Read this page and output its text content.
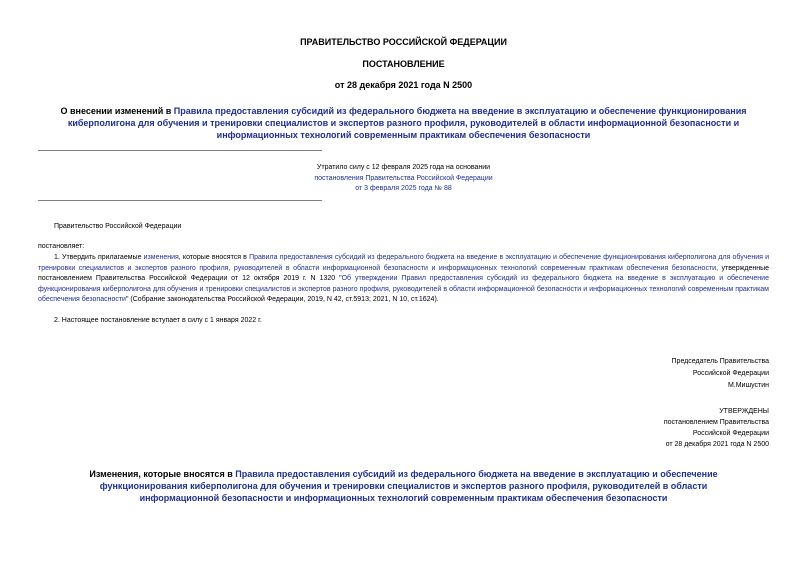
ПРАВИТЕЛЬСТВО РОССИЙСКОЙ ФЕДЕРАЦИИ
ПОСТАНОВЛЕНИЕ
от 28 декабря 2021 года N 2500
О внесении изменений в Правила предоставления субсидий из федерального бюджета на введение в эксплуатацию и обеспечение функционирования киберполигона для обучения и тренировки специалистов и экспертов разного профиля, руководителей в области информационной безопасности и информационных технологий современным практикам обеспечения безопасности
Утратило силу с 12 февраля 2025 года на основании
постановления Правительства Российской Федерации
от 3 февраля 2025 года № 88
Правительство Российской Федерации
постановляет:
1. Утвердить прилагаемые изменения, которые вносятся в Правила предоставления субсидий из федерального бюджета на введение в эксплуатацию и обеспечение функционирования киберполигона для обучения и тренировки специалистов и экспертов разного профиля, руководителей в области информационной безопасности и информационных технологий современным практикам обеспечения безопасности, утвержденные постановлением Правительства Российской Федерации от 12 октября 2019 г. N 1320 "Об утверждении Правил предоставления субсидий из федерального бюджета на введение в эксплуатацию и обеспечение функционирования киберполигона для обучения и тренировки специалистов и экспертов разного профиля, руководителей в области информационной безопасности и информационных технологий современным практикам обеспечения безопасности" (Собрание законодательства Российской Федерации, 2019, N 42, ст.5913; 2021, N 10, ст.1624).
2. Настоящее постановление вступает в силу с 1 января 2022 г.
Председатель Правительства
Российской Федерации
М.Мишустин
УТВЕРЖДЕНЫ
постановлением Правительства
Российской Федерации
от 28 декабря 2021 года N 2500
Изменения, которые вносятся в Правила предоставления субсидий из федерального бюджета на введение в эксплуатацию и обеспечение функционирования киберполигона для обучения и тренировки специалистов и экспертов разного профиля, руководителей в области информационной безопасности и информационных технологий современным практикам обеспечения безопасности
